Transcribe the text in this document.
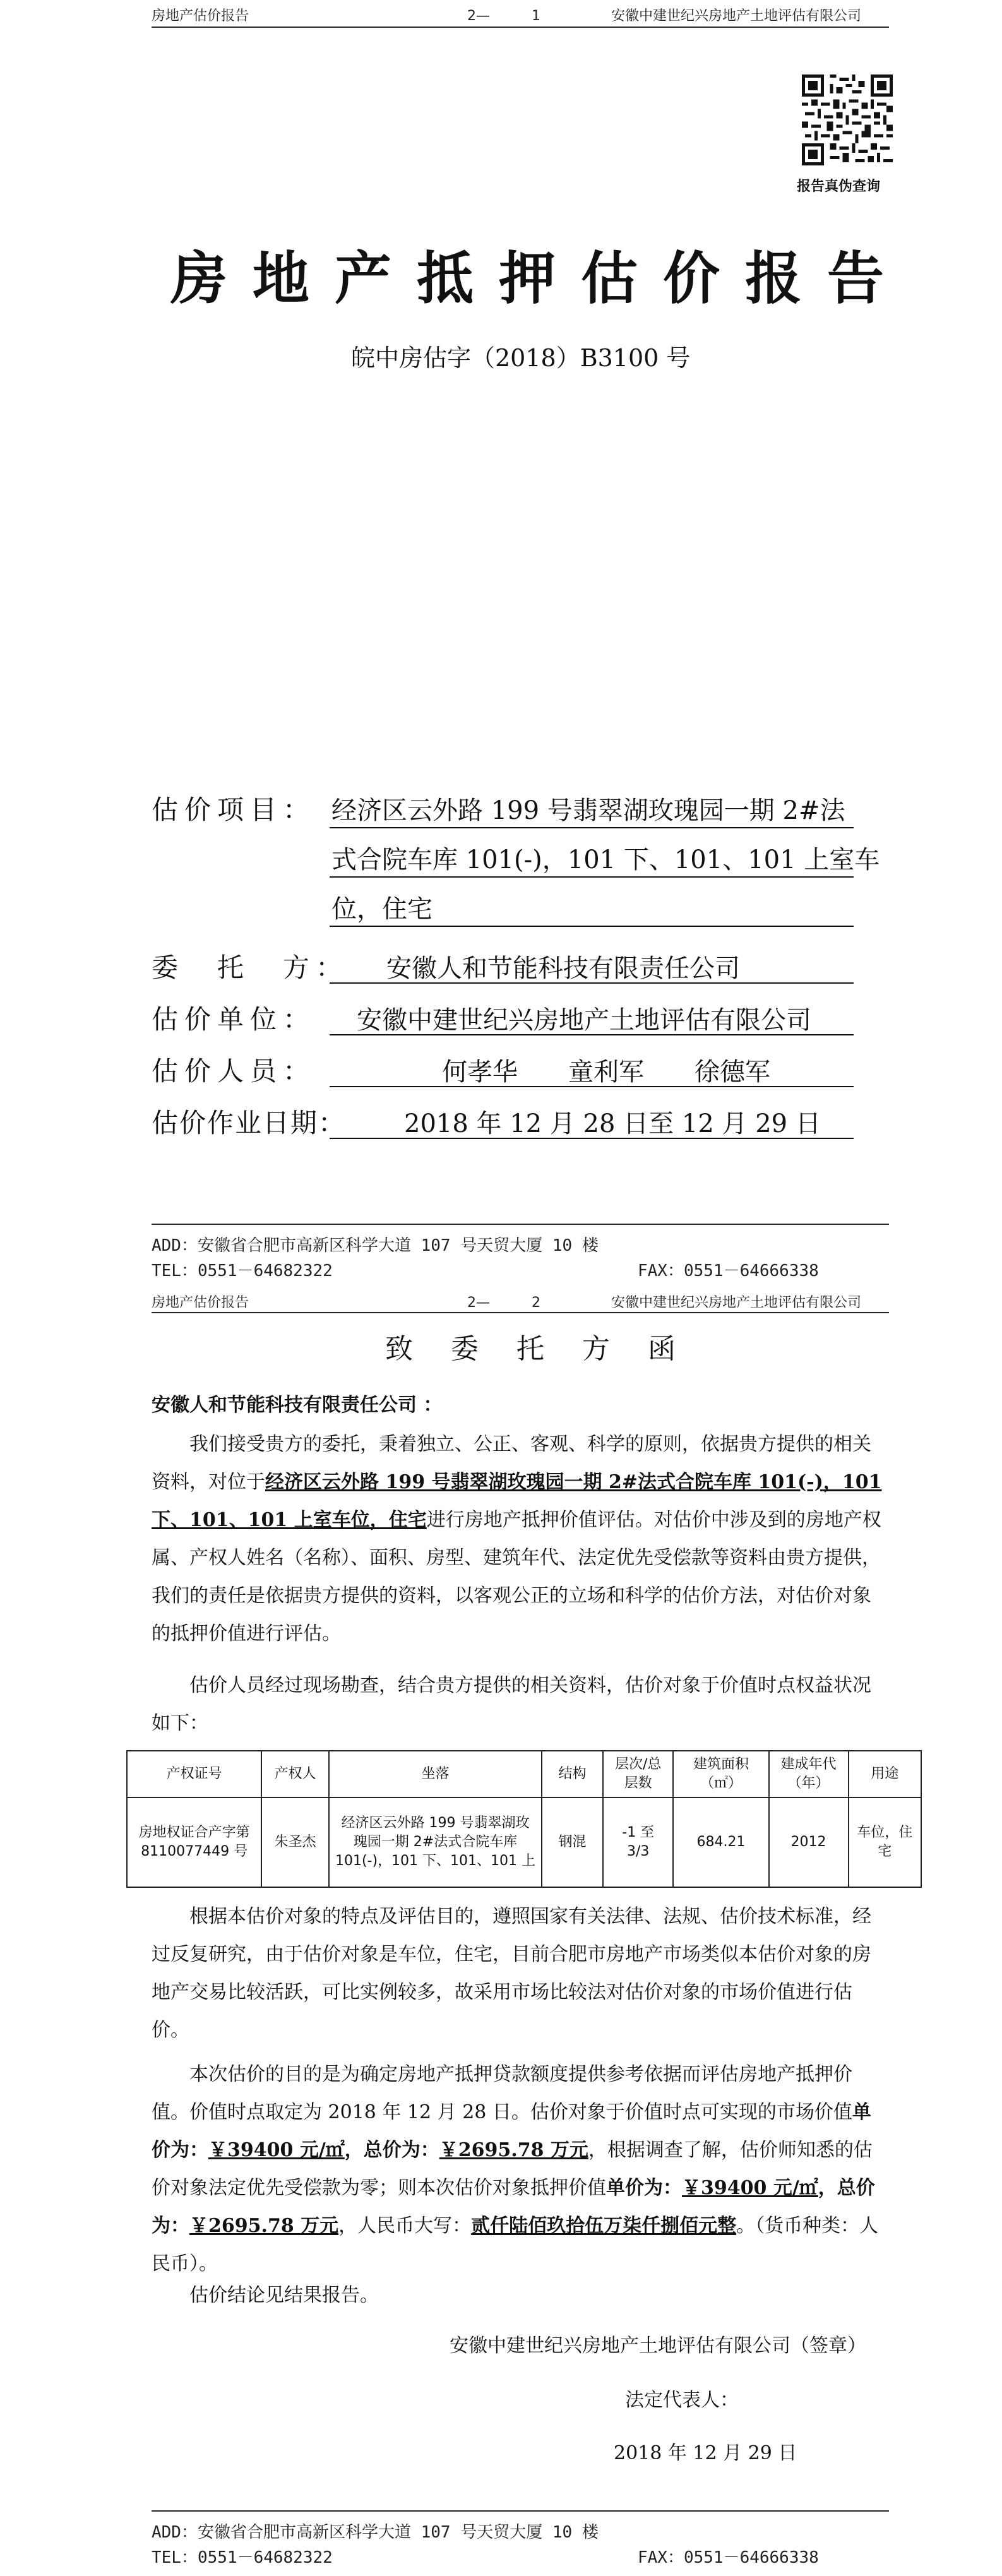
房地产估价报告	2—　　　1	安徽中建世纪兴房地产土地评估有限公司
报告真伪查询
房地产抵押估价报告
皖中房估字（2018）B3100 号
估价项目： 经济区云外路 199 号翡翠湖玫瑰园一期 2#法
式合院车库 101(-)，101 下、101、101 上室车
位，住宅
委　托　方： 安徽人和节能科技有限责任公司
估价单位： 安徽中建世纪兴房地产土地评估有限公司
估价人员：	何孝华　　童利军　　徐德军
估价作业日期： 2018 年 12 月 28 日至 12 月 29 日
ADD：安徽省合肥市高新区科学大道 107 号天贸大厦 10 楼
TEL：0551－64682322	FAX：0551－64666338
房地产估价报告	2—　　　2	安徽中建世纪兴房地产土地评估有限公司
致　委　托　方　函
安徽人和节能科技有限责任公司 ：
我们接受贵方的委托，秉着独立、公正、客观、科学的原则，依据贵方提供的相关资料，对位于经济区云外路 199 号翡翠湖玫瑰园一期 2#法式合院车库 101(-)，101 下、101、101 上室车位，住宅进行房地产抵押价值评估。对估价中涉及到的房地产权属、产权人姓名（名称）、面积、房型、建筑年代、法定优先受偿款等资料由贵方提供，我们的责任是依据贵方提供的资料，以客观公正的立场和科学的估价方法，对估价对象的抵押价值进行评估。
估价人员经过现场勘查，结合贵方提供的相关资料，估价对象于价值时点权益状况如下：
产权证号	产权人	坐落	结构	层次/总层数	建筑面积（㎡）	建成年代（年）	用途
房地权证合产字第 8110077449 号	朱圣杰	经济区云外路 199 号翡翠湖玫瑰园一期 2#法式合院车库 101(-)，101 下、101、101 上	钢混	-1 至 3/3	684.21	2012	车位，住宅
根据本估价对象的特点及评估目的，遵照国家有关法律、法规、估价技术标准，经过反复研究，由于估价对象是车位，住宅，目前合肥市房地产市场类似本估价对象的房地产交易比较活跃，可比实例较多，故采用市场比较法对估价对象的市场价值进行估价。
本次估价的目的是为确定房地产抵押贷款额度提供参考依据而评估房地产抵押价值。价值时点取定为 2018 年 12 月 28 日。估价对象于价值时点可实现的市场价值单价为：￥39400 元/㎡，总价为：￥2695.78 万元，根据调查了解，估价师知悉的估价对象法定优先受偿款为零；则本次估价对象抵押价值单价为：￥39400 元/㎡，总价为：￥2695.78 万元，人民币大写：贰仟陆佰玖拾伍万柒仟捌佰元整。（货币种类：人民币）。
估价结论见结果报告。
安徽中建世纪兴房地产土地评估有限公司（签章）
法定代表人：
2018 年 12 月 29 日
ADD：安徽省合肥市高新区科学大道 107 号天贸大厦 10 楼
TEL：0551－64682322	FAX：0551－64666338
